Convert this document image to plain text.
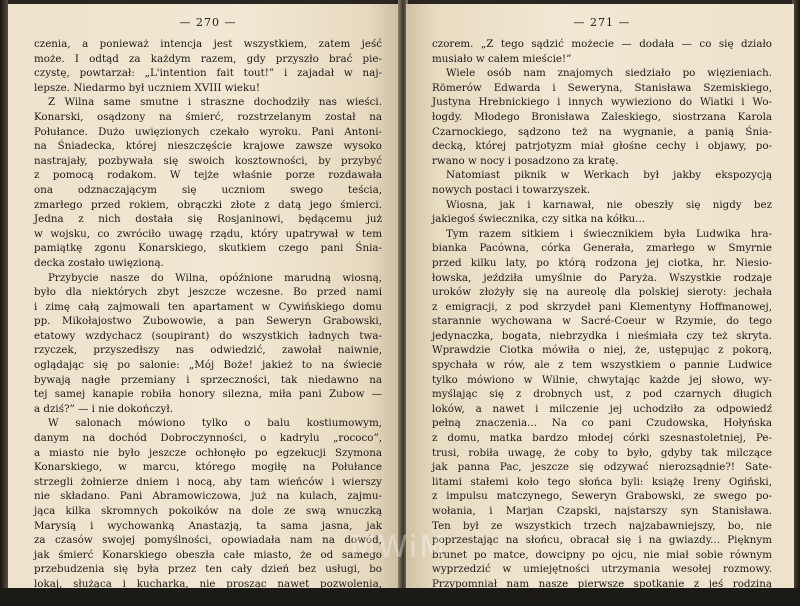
— 270 —
czenia, a ponieważ intencja jest wszystkiem, zatem jeść
może. I odtąd za każdym razem, gdy przyszło brać pie-
czystę, powtarzał: „L'intention fait tout!” i zajadał w naj-
lepsze. Niedarmo był uczniem XVIII wieku!
Z Wilna same smutne i straszne dochodziły nas wieści.
Konarski, osądzony na śmierć, rozstrzelanym został na
Połułance. Dużo uwięzionych czekało wyroku. Pani Antoni-
na Śniadecka, której nieszczęście krajowe zawsze wysoko
nastrajały, pozbywała się swoich kosztowności, by przybyć
z pomocą rodakom. W tejże właśnie porze rozdawała
ona odznaczającym się uczniom swego teścia,
zmarłego przed rokiem, obrączki złote z datą jego śmierci.
Jedna z nich dostała się Rosjaninowi, będącemu już
w wojsku, co zwróciło uwagę rządu, który upatrywał w tem
pamiątkę zgonu Konarskiego, skutkiem czego pani Śnia-
decka zostało uwięzioną.
Przybycie nasze do Wilna, opóźnione marudną wiosną,
było dla niektórych zbyt jeszcze wczesne. Bo przed nami
i zimę całą zajmowali ten apartament w Cywińskiego domu
pp. Mikołajostwo Zubowowie, a pan Seweryn Grabowski,
etatowy wzdychacz (soupirant) do wszystkich ładnych twa-
rzyczek, przyszedłszy nas odwiedzić, zawołał naiwnie,
oglądając się po salonie: „Mój Boże! jakież to na świecie
bywają nagłe przemiany i sprzeczności, tak niedawno na
tej samej kanapie robiła honory silezna, miła pani Zubow —
a dziś?” — i nie dokończył.
W salonach mówiono tylko o balu kostiumowym,
danym na dochód Dobroczynności, o kadrylu „rococo”,
a miasto nie było jeszcze ochłonęło po egzekucji Szymona
Konarskiego, w marcu, którego mogiłę na Połułance
strzegli żołnierze dniem i nocą, aby tam wieńców i wierszy
nie składano. Pani Abramowiczowa, już na kulach, zajmu-
jąca kilka skromnych pokoików na dole ze swą wnuczką
Marysią i wychowanką Anastazją, ta sama jasna, jak
za czasów swojej pomyślności, opowiadała nam na dowód,
jak śmierć Konarskiego obeszła całe miasto, że od samego
przebudzenia się była przez ten cały dzień bez usługi, bo
lokaj, służąca i kucharka, nie prosząc nawet pozwolenia,
poszli o świcie na plac egzekucji i nie wrócili jak wie-
— 271 —
czorem. „Z tego sądzić możecie — dodała — co się działo
musiało w całem mieście!”
Wiele osób nam znajomych siedziało po więzieniach.
Römerów Edwarda i Seweryna, Stanisława Szemiskiego,
Justyna Hrebnickiego i innych wywieziono do Wiatki i Wo-
łogdy. Młodego Bronisława Zaleskiego, siostrzana Karola
Czarnockiego, sądzono też na wygnanie, a panią Śnia-
decką, której patrjotyzm miał głośne cechy i objawy, po-
rwano w nocy i posadzono za kratę.
Natomiast piknik w Werkach był jakby ekspozycją
nowych postaci i towarzyszek.
Wiosna, jak i karnawał, nie obeszły się nigdy bez
jakiegoś świecznika, czy sitka na kółku...
Tym razem sitkiem i świecznikiem była Ludwika hra-
bianka Pacówna, córka Generała, zmarłego w Smyrnie
przed kilku laty, po którą rodzona jej ciotka, hr. Niesio-
łowska, jeździła umyślnie do Paryża. Wszystkie rodzaje
uroków złożyły się na aureolę dla polskiej sieroty: jechała
z emigracji, z pod skrzydeł pani Klementyny Hoffmanowej,
starannie wychowana w Sacré-Coeur w Rzymie, do tego
jedynaczka, bogata, niebrzydka i nieśmiała czy też skryta.
Wprawdzie Ciotka mówiła o niej, że, ustępując z pokorą,
spychała w rów, ale z tem wszystkiem o pannie Ludwice
tylko mówiono w Wilnie, chwytając każde jej słowo, wy-
myślając się z drobnych ust, z pod czarnych długich
loków, a nawet i milczenie jej uchodziło za odpowiedź
pełną znaczenia... Na co pani Czudowska, Hołyńska
z domu, matka bardzo młodej córki szesnastoletniej, Pe-
trusi, robiła uwagę, że coby to było, gdyby tak milczące
jak panna Pac, jeszcze się odzywać nierozsądnie?! Sate-
litami stałemi koło tego słońca byli: książę Ireny Ogiński,
z impulsu matczynego, Seweryn Grabowski, ze swego po-
wołania, i Marjan Czapski, najstarszy syn Stanisława.
Ten był ze wszystkich trzech najzabawniejszy, bo, nie
poprzestając na słońcu, obracał się i na gwiazdy... Pięknym
brunet po matce, dowcipny po ojcu, nie miał sobie równym
wyprzedzić w umiejętności utrzymania wesołej rozmowy.
Przypomniał nam nasze pierwsze spotkanie z jeś rodziną
w Warszawie w 1833 roku, gdy matka jego, wioząc całe
MWiM
